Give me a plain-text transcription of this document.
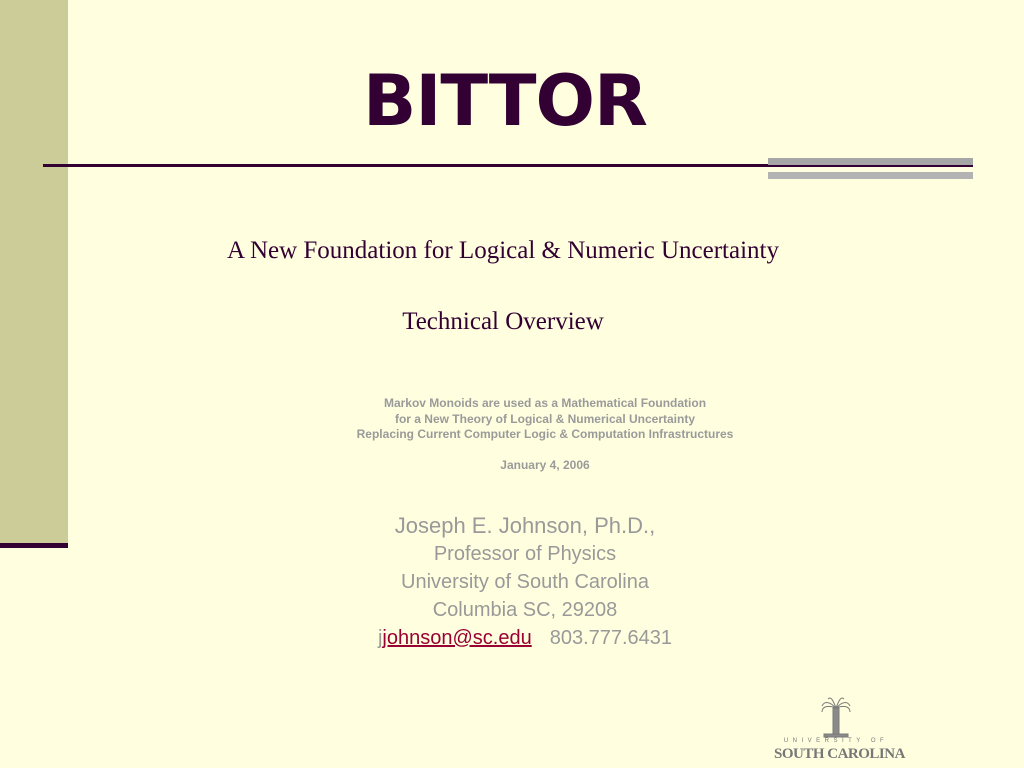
BITTOR
A New Foundation for Logical & Numeric Uncertainty
Technical Overview
Markov Monoids are used as a Mathematical Foundation
for a New Theory of Logical & Numerical Uncertainty
Replacing Current Computer Logic & Computation Infrastructures
January 4, 2006
Joseph E. Johnson, Ph.D.,
Professor of Physics
University of South Carolina
Columbia SC, 29208
jjohnson@sc.edu 803.777.6431
UNIVERSITY OF
SOUTH CAROLINA
